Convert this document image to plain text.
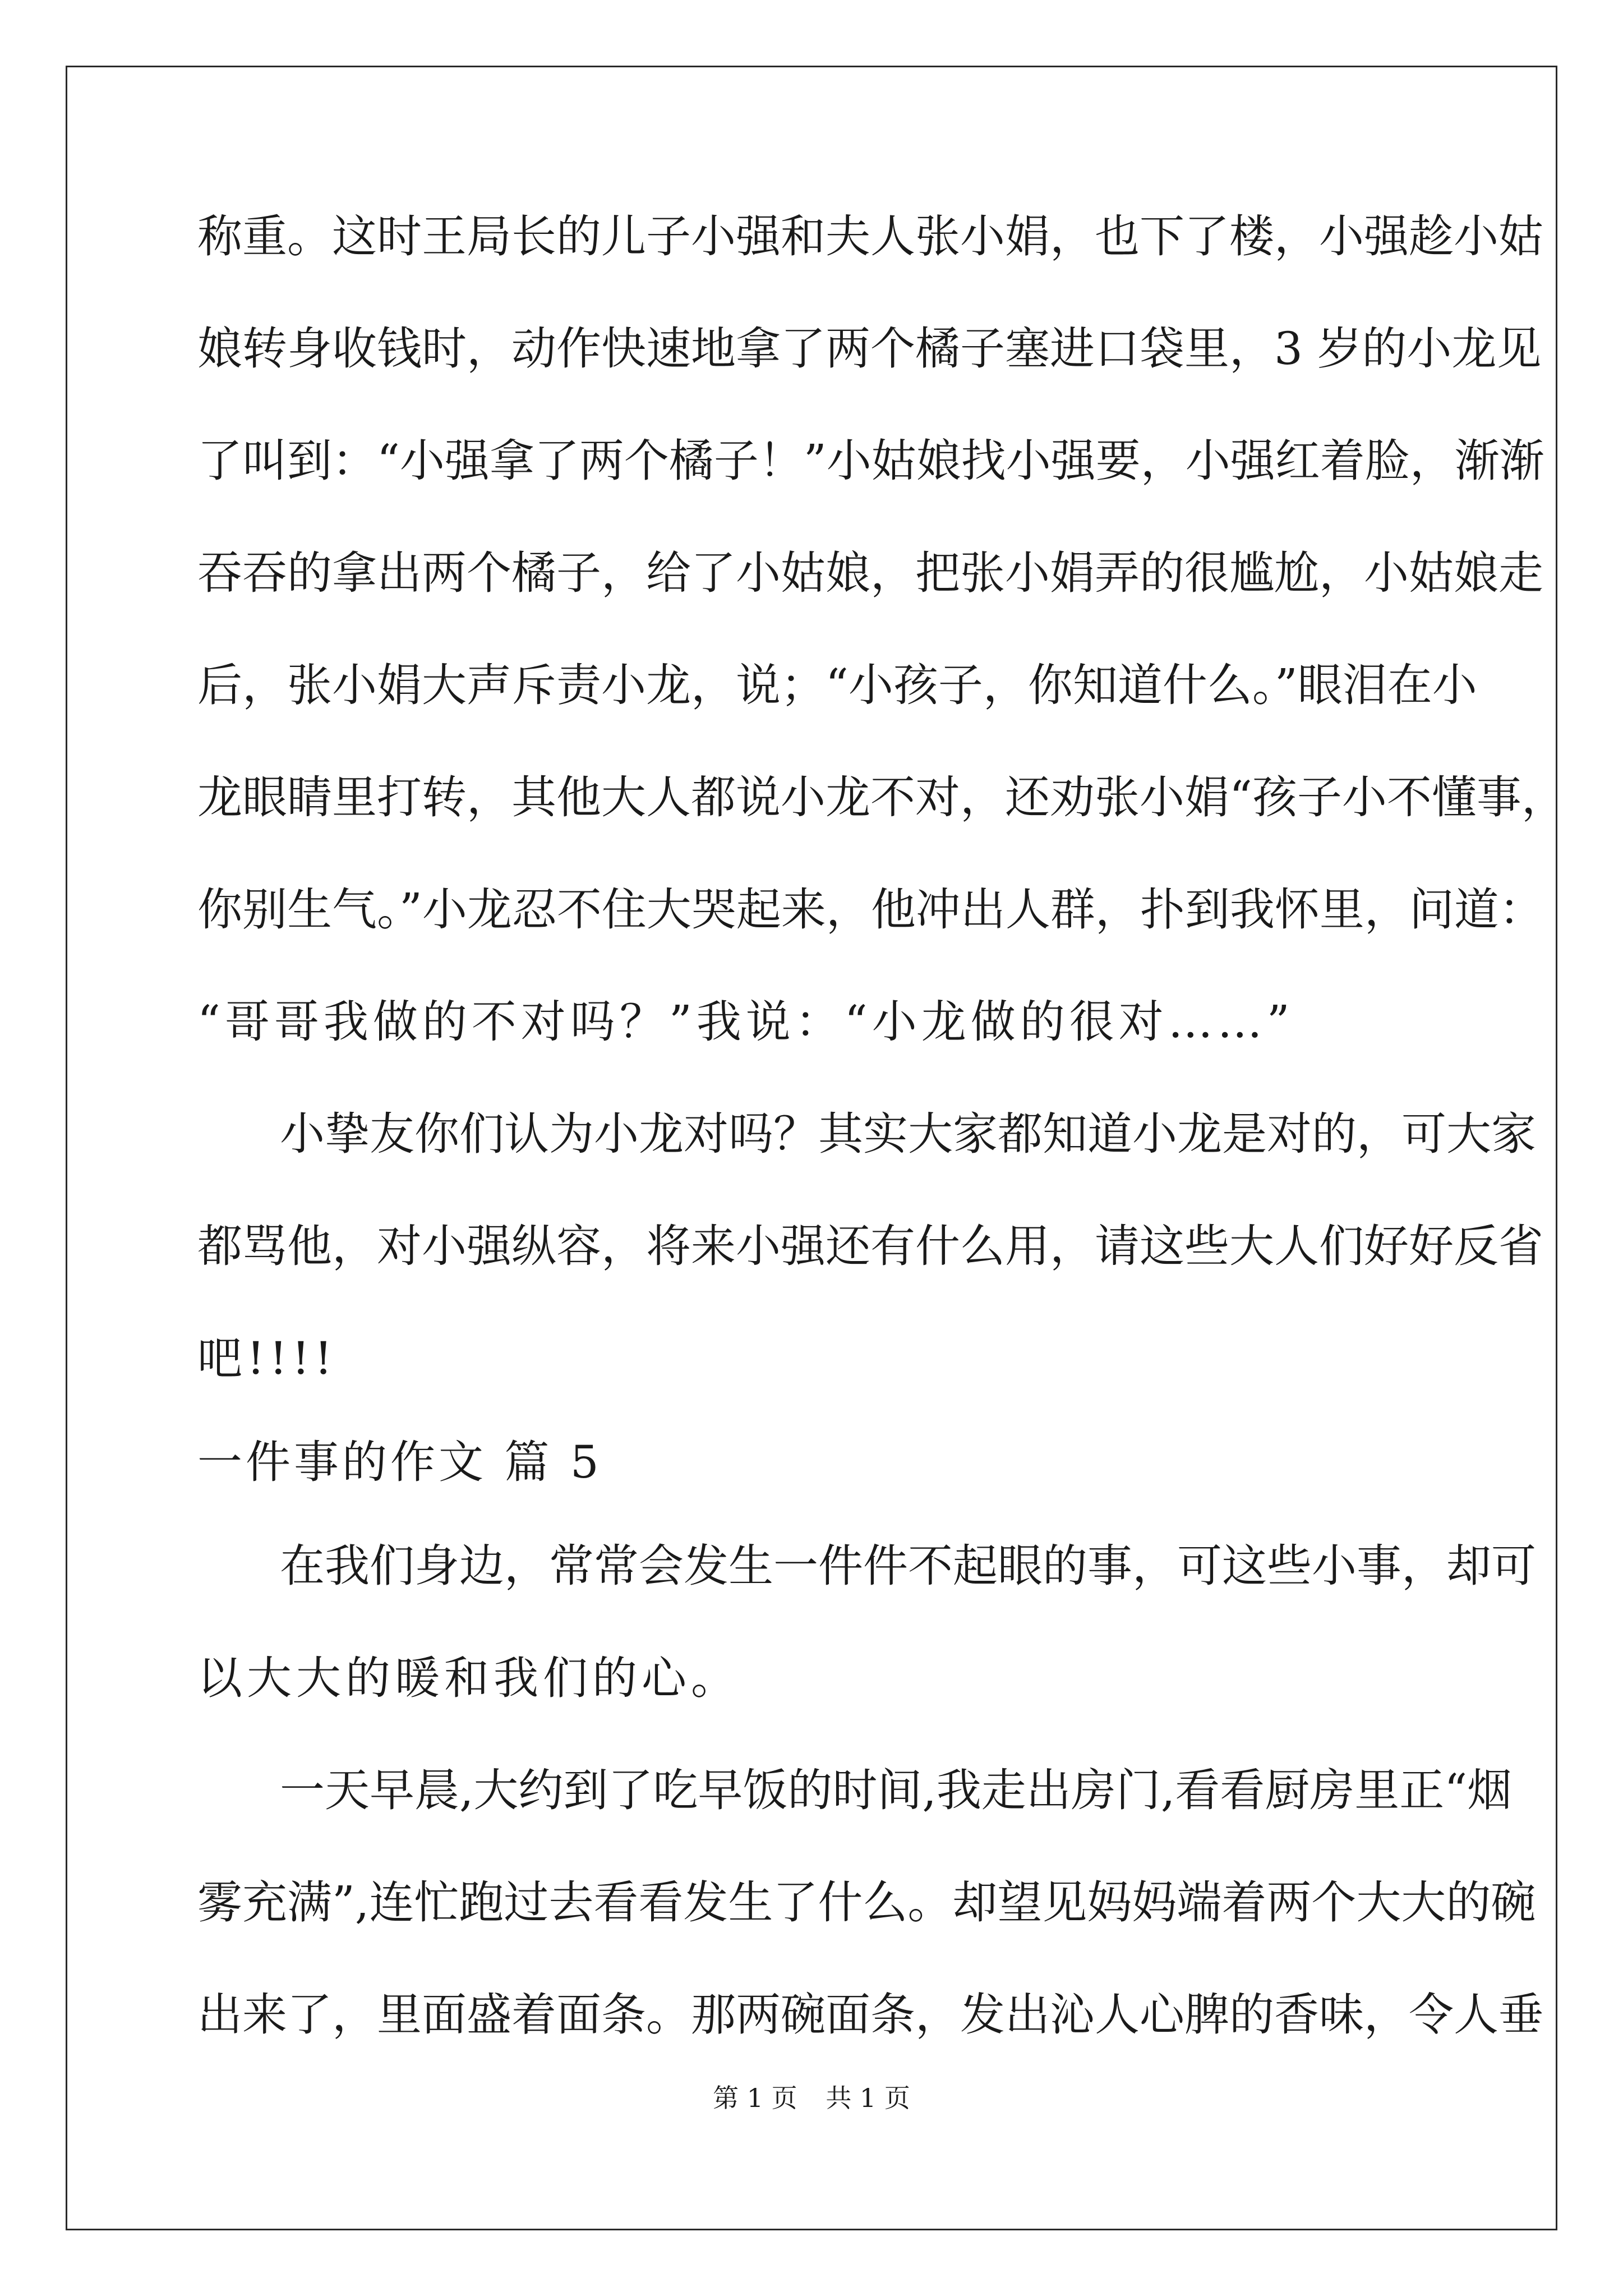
称重。这时王局长的儿子小强和夫人张小娟，也下了楼，小强趁小姑
娘转身收钱时，动作快速地拿了两个橘子塞进口袋里，3 岁的小龙见
了叫到：“小强拿了两个橘子！”小姑娘找小强要，小强红着脸，渐渐
吞吞的拿出两个橘子，给了小姑娘，把张小娟弄的很尴尬，小姑娘走
后，张小娟大声斥责小龙，说；“小孩子，你知道什么。”眼泪在小
龙眼睛里打转，其他大人都说小龙不对，还劝张小娟“孩子小不懂事，
你别生气。”小龙忍不住大哭起来，他冲出人群，扑到我怀里，问道：
“哥哥我做的不对吗？”我说：“小龙做的很对……”
小挚友你们认为小龙对吗？其实大家都知道小龙是对的，可大家
都骂他，对小强纵容，将来小强还有什么用，请这些大人们好好反省
吧!!!!
一件事的作文 篇 5
在我们身边，常常会发生一件件不起眼的事，可这些小事，却可
以大大的暖和我们的心。
一天早晨,大约到了吃早饭的时间,我走出房门,看看厨房里正“烟
雾充满”,连忙跑过去看看发生了什么。却望见妈妈端着两个大大的碗
出来了，里面盛着面条。那两碗面条，发出沁人心脾的香味，令人垂
第 1 页 共 1 页
